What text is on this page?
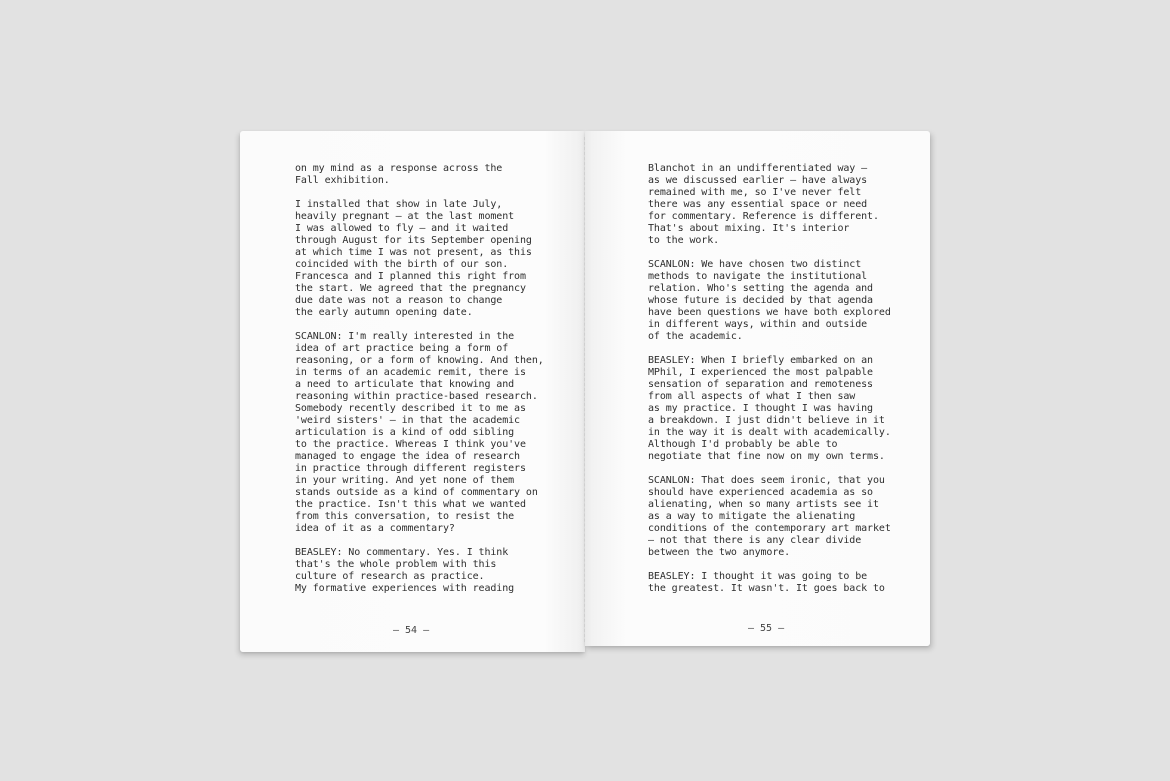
on my mind as a response across the
Fall exhibition.
I installed that show in late July,
heavily pregnant – at the last moment
I was allowed to fly – and it waited
through August for its September opening
at which time I was not present, as this
coincided with the birth of our son.
Francesca and I planned this right from
the start. We agreed that the pregnancy
due date was not a reason to change
the early autumn opening date.
SCANLON: I'm really interested in the
idea of art practice being a form of
reasoning, or a form of knowing. And then,
in terms of an academic remit, there is
a need to articulate that knowing and
reasoning within practice-based research.
Somebody recently described it to me as
'weird sisters' – in that the academic
articulation is a kind of odd sibling
to the practice. Whereas I think you've
managed to engage the idea of research
in practice through different registers
in your writing. And yet none of them
stands outside as a kind of commentary on
the practice. Isn't this what we wanted
from this conversation, to resist the
idea of it as a commentary?
BEASLEY: No commentary. Yes. I think
that's the whole problem with this
culture of research as practice.
My formative experiences with reading
— 54 —
Blanchot in an undifferentiated way –
as we discussed earlier – have always
remained with me, so I've never felt
there was any essential space or need
for commentary. Reference is different.
That's about mixing. It's interior
to the work.
SCANLON: We have chosen two distinct
methods to navigate the institutional
relation. Who's setting the agenda and
whose future is decided by that agenda
have been questions we have both explored
in different ways, within and outside
of the academic.
BEASLEY: When I briefly embarked on an
MPhil, I experienced the most palpable
sensation of separation and remoteness
from all aspects of what I then saw
as my practice. I thought I was having
a breakdown. I just didn't believe in it
in the way it is dealt with academically.
Although I'd probably be able to
negotiate that fine now on my own terms.
SCANLON: That does seem ironic, that you
should have experienced academia as so
alienating, when so many artists see it
as a way to mitigate the alienating
conditions of the contemporary art market
– not that there is any clear divide
between the two anymore.
BEASLEY: I thought it was going to be
the greatest. It wasn't. It goes back to
— 55 —
